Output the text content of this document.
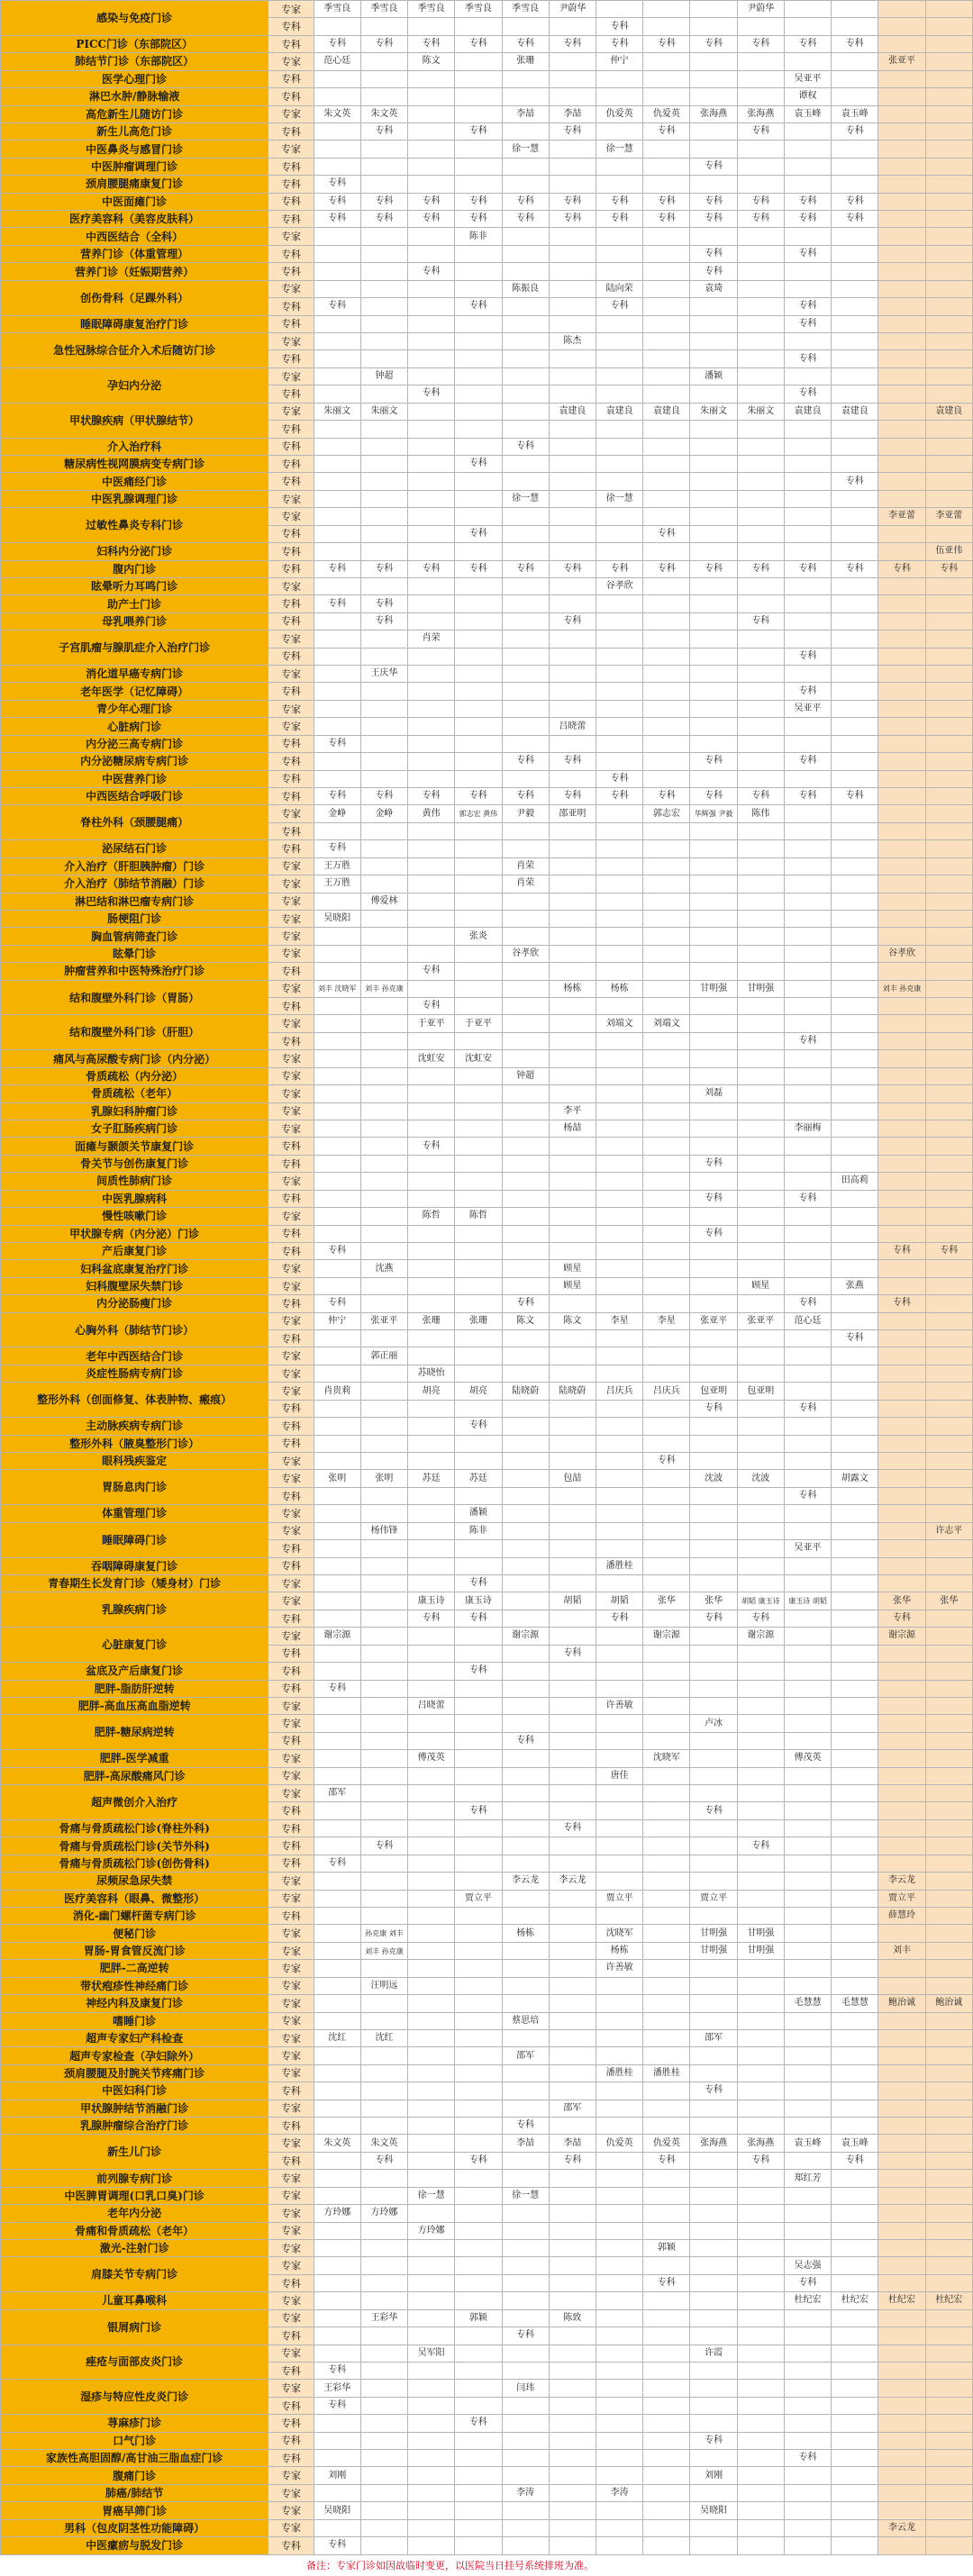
感染与免疫门诊	专家	季雪良	季雪良	季雪良	季雪良	季雪良	尹蔚华				尹蔚华				
	专科							专科							
PICC门诊（东部院区）	专科	专科	专科	专科	专科	专科	专科	专科	专科	专科	专科	专科	专科		
肺结节门诊（东部院区）	专家	范心廷		陈文		张珊		仲宁						张亚平	
医学心理门诊	专科											吴亚平			
淋巴水肿/静脉输液	专科											谭权			
高危新生儿随访门诊	专家	朱文英	朱文英			李喆	李喆	仇爱英	仇爱英	张海燕	张海燕	袁玉峰	袁玉峰		
新生儿高危门诊	专科		专科		专科		专科		专科		专科		专科		
中医鼻炎与感冒门诊	专家					徐一慧		徐一慧							
中医肿瘤调理门诊	专科									专科					
颈肩腰腿痛康复门诊	专科	专科													
中医面瘫门诊	专科	专科	专科	专科	专科	专科	专科	专科	专科	专科	专科	专科	专科		
医疗美容科（美容皮肤科）	专科	专科	专科	专科	专科	专科	专科	专科	专科	专科	专科	专科	专科		
中西医结合（全科）	专家				陈非										
营养门诊（体重管理）	专科									专科		专科			
营养门诊（妊娠期营养）	专科			专科						专科					
创伤骨科（足踝外科）	专家					陈振良		陆向荣		袁琦					
	专科	专科			专科			专科				专科			
睡眠障碍康复治疗门诊	专科											专科			
急性冠脉综合征介入术后随访门诊	专家						陈杰								
	专科											专科			
孕妇内分泌	专家		钟超							潘颖					
	专科			专科								专科			
甲状腺疾病（甲状腺结节）	专家	朱丽文	朱丽文				袁建良	袁建良	袁建良	朱丽文	朱丽文	袁建良	袁建良		袁建良
	专科														
介入治疗科	专科					专科									
糖尿病性视网膜病变专病门诊	专科				专科										
中医痛经门诊	专科												专科		
中医乳腺调理门诊	专家					徐一慧		徐一慧							
过敏性鼻炎专科门诊	专家													李亚蕾	李亚蕾
	专科				专科				专科						
妇科内分泌门诊	专科														伍亚伟
腹内门诊	专科	专科	专科	专科	专科	专科	专科	专科	专科	专科	专科	专科	专科	专科	专科
眩晕听力耳鸣门诊	专家							谷孝欣							
助产士门诊	专科	专科	专科												
母乳喂养门诊	专科		专科				专科				专科				
子宫肌瘤与腺肌症介入治疗门诊	专家			肖荣											
	专科											专科			
消化道早癌专病门诊	专家		王庆华												
老年医学（记忆障碍）	专科											专科			
青少年心理门诊	专家											吴亚平			
心脏病门诊	专家						吕晓蕾								
内分泌三高专病门诊	专科	专科													
内分泌糖尿病专病门诊	专科					专科	专科			专科		专科			
中医营养门诊	专科							专科							
中西医结合呼吸门诊	专科	专科	专科	专科	专科	专科	专科	专科	专科	专科	专科	专科	专科		
脊柱外科（颈腰腿痛）	专家	金峥	金峥	黄伟	郭志宏 黄伟	尹毅	邵亚明		郭志宏	华辉强 尹毅	陈伟				
	专科														
泌尿结石门诊	专科	专科													
介入治疗（肝胆胰肿瘤）门诊	专家	王万胜				肖荣									
介入治疗（肺结节消融）门诊	专家	王万胜				肖荣									
淋巴结和淋巴瘤专病门诊	专家		傅爱林												
肠梗阻门诊	专家	吴晓阳													
胸血管病筛查门诊	专家				张炎										
眩晕门诊	专家					谷孝欣								谷孝欣	
肿瘤营养和中医特殊治疗门诊	专科			专科											
结和腹壁外科门诊（胃肠）	专家	刘丰 沈晓军	刘丰 孙克康				杨栋	杨栋		甘明强	甘明强			刘丰 孙克康	
	专科			专科											
结和腹壁外科门诊（肝胆）	专家			于亚平	于亚平			刘端文	刘端文						
	专科											专科			
痛风与高尿酸专病门诊（内分泌）	专家			沈虹安	沈虹安										
骨质疏松（内分泌）	专家					钟超									
骨质疏松（老年）	专家									刘磊					
乳腺妇科肿瘤门诊	专家						李平								
女子肛肠疾病门诊	专家						杨喆					李丽梅			
面瘫与颞颌关节康复门诊	专科			专科											
骨关节与创伤康复门诊	专科									专科					
间质性肺病门诊	专家												田高莉		
中医乳腺病科	专科									专科		专科			
慢性咳嗽门诊	专家			陈哲	陈哲										
甲状腺专病（内分泌）门诊	专科									专科					
产后康复门诊	专科	专科												专科	专科
妇科盆底康复治疗门诊	专家		沈燕				顾星								
妇科腹壁尿失禁门诊	专家						顾星				顾星		张燕		
内分泌肠瘦门诊	专科	专科				专科						专科		专科	
心胸外科（肺结节门诊）	专家	仲宁	张亚平	张珊	张珊	陈文	陈文	李星	李星	张亚平	张亚平	范心廷			
	专科												专科		
老年中西医结合门诊	专家		郭正丽												
炎症性肠病专病门诊	专家			苏晓怡											
整形外科（创面修复、体表肿物、瘢痕）	专家	肖贵莉		胡亮	胡亮	陆晓蔚	陆晓蔚	吕庆兵	吕庆兵	包亚明	包亚明				
	专科									专科		专科			
主动脉疾病专病门诊	专科				专科										
整形外科（腋臭整形门诊）	专科														
眼科残疾鉴定	专家								专科						
胃肠息肉门诊	专家	张明	张明	苏廷	苏廷		包喆			沈波	沈波		胡露文		
	专科											专科			
体重管理门诊	专家				潘颖										
睡眠障碍门诊	专家		杨伟锋		陈非										许志平
	专科											吴亚平			
吞咽障碍康复门诊	专科							潘胜桂							
青春期生长发育门诊（矮身材）门诊	专家				专科										
乳腺疾病门诊	专家			康玉诗	康玉诗		胡韬	胡韬	张华	张华	胡韬 康玉诗	康玉诗 胡韬		张华	张华
	专科			专科	专科			专科		专科	专科			专科	
心脏康复门诊	专家	谢宗源				谢宗源			谢宗源		谢宗源			谢宗源	
	专科						专科								
盆底及产后康复门诊	专科				专科										
肥胖-脂肪肝逆转	专科	专科													
肥胖-高血压高血脂逆转	专家			吕晓蕾				许善敏							
肥胖-糖尿病逆转	专家									卢冰					
	专科					专科									
肥胖-医学减重	专家			傅茂英					沈晓军			傅茂英			
肥胖-高尿酸痛风门诊	专家							唐佳							
超声微创介入治疗	专家	邵军													
	专科				专科					专科					
骨痛与骨质疏松门诊(脊柱外科)	专科						专科								
骨痛与骨质疏松门诊(关节外科)	专科		专科								专科				
骨痛与骨质疏松门诊(创伤骨科)	专科	专科													
尿频尿急尿失禁	专家					李云龙	李云龙							李云龙	
医疗美容科（眼鼻、微整形）	专家				贾立平			贾立平		贾立平				贾立平	
消化-幽门螺杆菌专病门诊	专科													薛慧玲	
便秘门诊	专家		孙克康 刘丰			杨栋		沈晓军		甘明强	甘明强				
胃肠-胃食管反流门诊	专家		刘丰 孙克康					杨栋		甘明强	甘明强			刘丰	
肥胖-二高逆转	专家							许善敏							
带状疱疹性神经痛门诊	专家		汪明远												
神经内科及康复门诊	专家											毛慧慧	毛慧慧	鲍治诚	鲍治诚
嗜睡门诊	专家					蔡思培									
超声专家妇产科检查	专家	沈红	沈红							邵军					
超声专家检查（孕妇除外）	专家					邵军									
颈肩腰腿及肘腕关节疼痛门诊	专家							潘胜桂	潘胜桂						
中医妇科门诊	专科									专科					
甲状腺肿结节消融门诊	专家						邵军								
乳腺肿瘤综合治疗门诊	专科					专科									
新生儿门诊	专家	朱文英	朱文英			李喆	李喆	仇爱英	仇爱英	张海燕	张海燕	袁玉峰	袁玉峰		
	专科		专科		专科		专科		专科		专科		专科		
前列腺专病门诊	专家											郑红芳			
中医脾胃调理(口乳口臭)门诊	专家			徐一慧		徐一慧									
老年内分泌	专家	方玲娜	方玲娜												
骨痛和骨质疏松（老年）	专家			方玲娜											
激光-注射门诊	专家								郭颖						
肩膝关节专病门诊	专家											吴志强			
	专科								专科			专科			
儿童耳鼻喉科	专家											杜纪宏	杜纪宏	杜纪宏	杜纪宏
银屑病门诊	专家		王彩华		郭颖		陈致								
	专科					专科									
痤疮与面部皮炎门诊	专家			吴军阳						许霞					
	专科	专科													
湿疹与特应性皮炎门诊	专家	王彩华				闫玮									
	专科	专科													
荨麻疹门诊	专科				专科										
口气门诊	专科									专科					
家族性高胆固醇/高甘油三脂血症门诊	专科											专科			
腹痛门诊	专家	刘刚								刘刚					
肺癌/肺结节	专家					李涛		李涛							
胃癌早筛门诊	专家	吴晓阳								吴晓阳					
男科（包皮阴茎性功能障碍）	专家													李云龙	
中医瘰疬与脱发门诊	专科	专科													
备注：专家门诊如因故临时变更，以医院当日挂号系统排班为准。
